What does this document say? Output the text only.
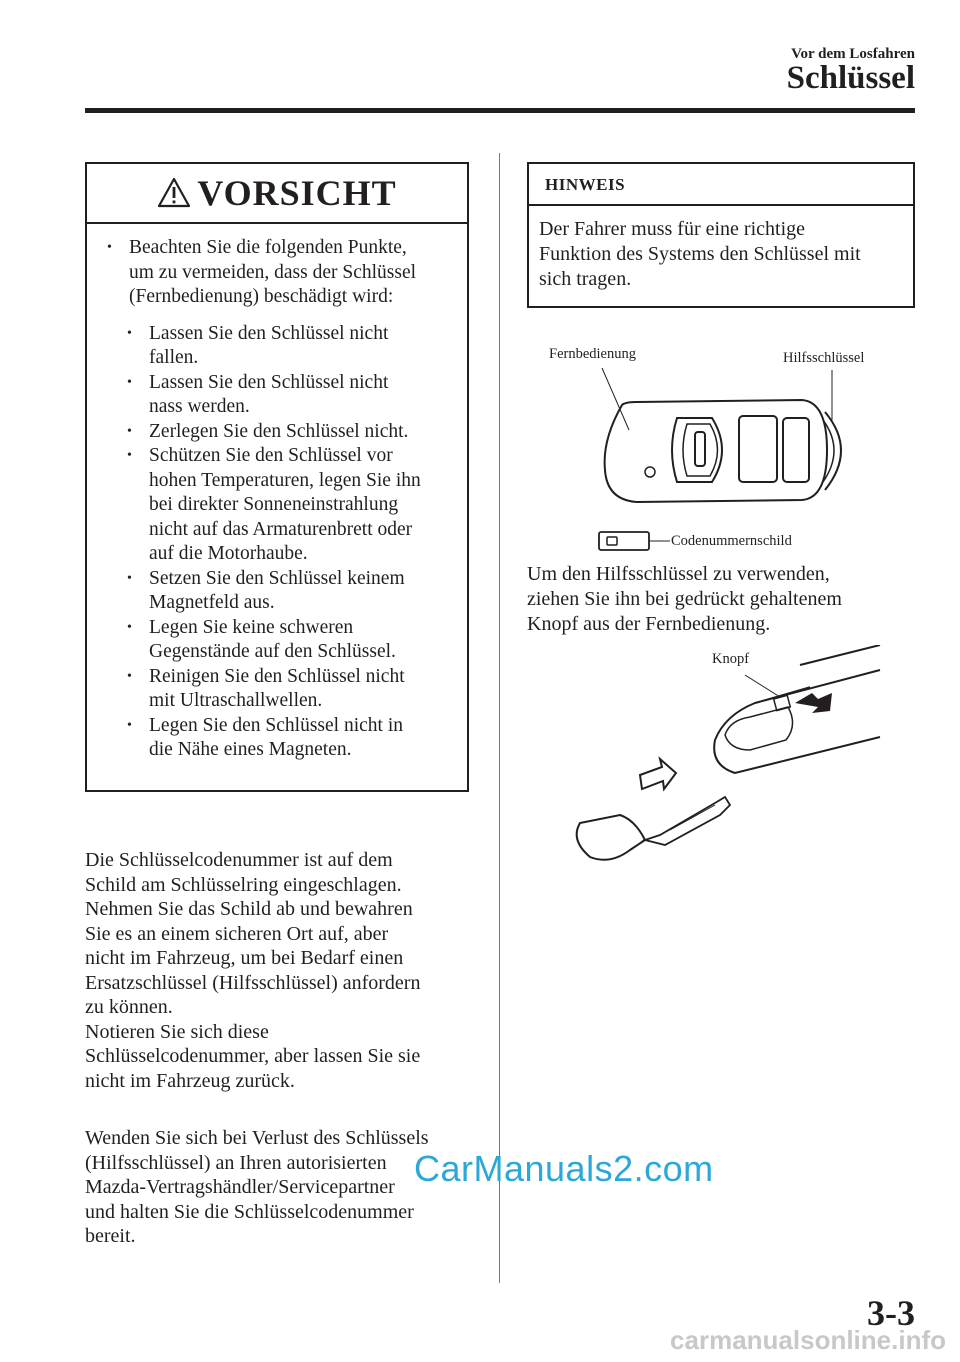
Vor dem Losfahren
Schlüssel
VORSICHT
• Beachten Sie die folgenden Punkte,
um zu vermeiden, dass der Schlüssel
(Fernbedienung) beschädigt wird:
• Lassen Sie den Schlüssel nicht
fallen.
• Lassen Sie den Schlüssel nicht
nass werden.
• Zerlegen Sie den Schlüssel nicht.
• Schützen Sie den Schlüssel vor
hohen Temperaturen, legen Sie ihn
bei direkter Sonneneinstrahlung
nicht auf das Armaturenbrett oder
auf die Motorhaube.
• Setzen Sie den Schlüssel keinem
Magnetfeld aus.
• Legen Sie keine schweren
Gegenstände auf den Schlüssel.
• Reinigen Sie den Schlüssel nicht
mit Ultraschallwellen.
• Legen Sie den Schlüssel nicht in
die Nähe eines Magneten.
Die Schlüsselcodenummer ist auf dem
Schild am Schlüsselring eingeschlagen.
Nehmen Sie das Schild ab und bewahren
Sie es an einem sicheren Ort auf, aber
nicht im Fahrzeug, um bei Bedarf einen
Ersatzschlüssel (Hilfsschlüssel) anfordern
zu können.
Notieren Sie sich diese
Schlüsselcodenummer, aber lassen Sie sie
nicht im Fahrzeug zurück.
Wenden Sie sich bei Verlust des Schlüssels
(Hilfsschlüssel) an Ihren autorisierten
Mazda-Vertragshändler/Servicepartner
und halten Sie die Schlüsselcodenummer
bereit.
HINWEIS
Der Fahrer muss für eine richtige
Funktion des Systems den Schlüssel mit
sich tragen.
Fernbedienung	Hilfsschlüssel
Codenummernschild
Um den Hilfsschlüssel zu verwenden,
ziehen Sie ihn bei gedrückt gehaltenem
Knopf aus der Fernbedienung.
Knopf
3-3
CarManuals2.com
carmanualsonline.info
